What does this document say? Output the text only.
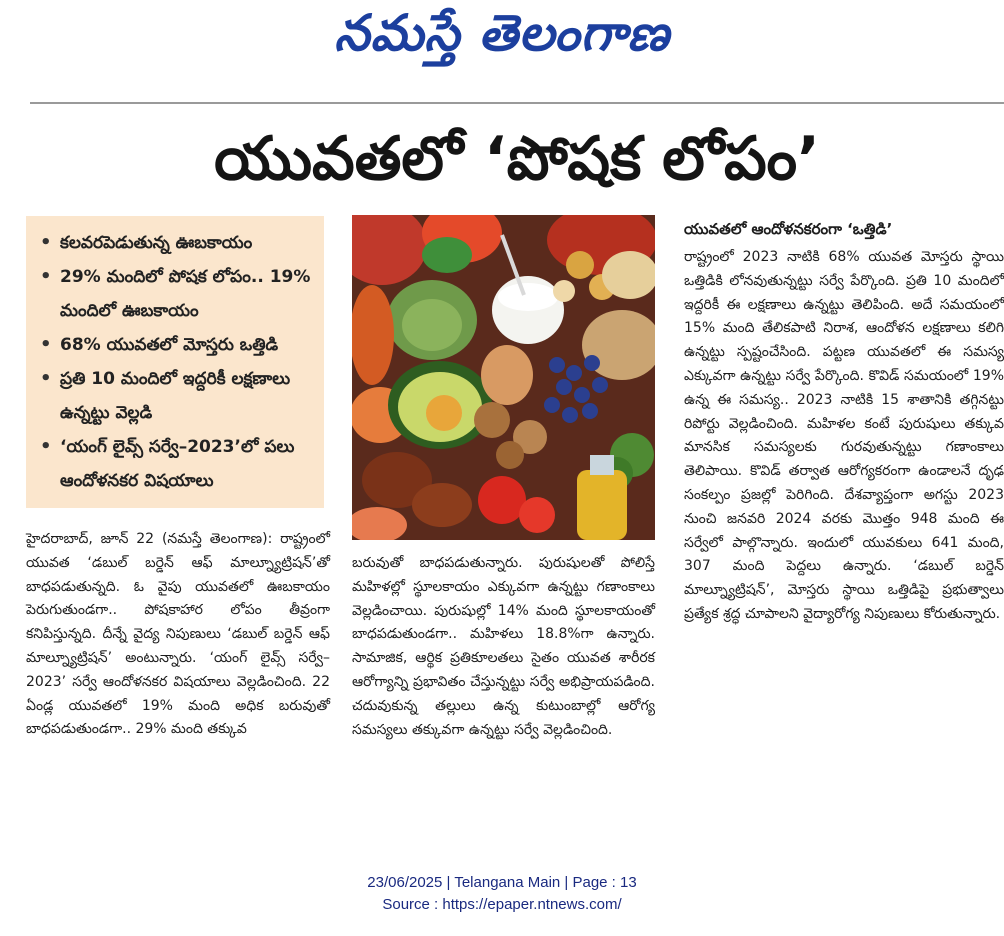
నమస్తే తెలంగాణ
యువతలో ‘పోషక లోపం’
• కలవరపెడుతున్న ఊబకాయం
• 29% మందిలో పోషక లోపం.. 19% మందిలో ఊబకాయం
• 68% యువతలో మోస్తరు ఒత్తిడి
• ప్రతి 10 మందిలో ఇద్దరికీ లక్షణాలు ఉన్నట్టు వెల్లడి
• ‘యంగ్ లైవ్స్ సర్వే–2023’లో పలు ఆందోళనకర విషయాలు

హైదరాబాద్, జూన్ 22 (నమస్తే తెలంగాణ): రాష్ట్రంలో యువత ‘డబుల్ బర్డెన్ ఆఫ్ మాల్న్యూట్రిషన్’తో బాధపడుతున్నది. ఓ వైపు యువతలో ఊబకాయం పెరుగుతుండగా.. పోషకాహార లోపం తీవ్రంగా కనిపిస్తున్నది. దీన్నే వైద్య నిపుణులు ‘డబుల్ బర్డెన్ ఆఫ్ మాల్న్యూట్రిషన్’ అంటున్నారు. ‘యంగ్ లైవ్స్ సర్వే–2023’ సర్వే ఆందోళనకర విషయాలు వెల్లడించింది. 22 ఏండ్ల యువతలో 19% మంది అధిక బరువుతో బాధపడుతుండగా.. 29% మంది తక్కువ

బరువుతో బాధపడుతున్నారు. పురుషులతో పోలిస్తే మహిళల్లో స్థూలకాయం ఎక్కువగా ఉన్నట్టు గణాంకాలు వెల్లడించాయి. పురుషుల్లో 14% మంది స్థూలకాయంతో బాధపడుతుండగా.. మహిళలు 18.8%గా ఉన్నారు. సామాజిక, ఆర్థిక ప్రతికూలతలు సైతం యువత శారీరక ఆరోగ్యాన్ని ప్రభావితం చేస్తున్నట్టు సర్వే అభిప్రాయపడింది. చదువుకున్న తల్లులు ఉన్న కుటుంబాల్లో ఆరోగ్య సమస్యలు తక్కువగా ఉన్నట్టు సర్వే వెల్లడించింది.

యువతలో ఆందోళనకరంగా ‘ఒత్తిడి’

రాష్ట్రంలో 2023 నాటికి 68% యువత మోస్తరు స్థాయి ఒత్తిడికి లోనవుతున్నట్టు సర్వే పేర్కొంది. ప్రతి 10 మందిలో ఇద్దరికీ ఈ లక్షణాలు ఉన్నట్టు తెలిపింది. అదే సమయంలో 15% మంది తేలికపాటి నిరాశ, ఆందోళన లక్షణాలు కలిగి ఉన్నట్టు స్పష్టంచేసింది. పట్టణ యువతలో ఈ సమస్య ఎక్కువగా ఉన్నట్టు సర్వే పేర్కొంది. కొవిడ్ సమయంలో 19% ఉన్న ఈ సమస్య.. 2023 నాటికి 15 శాతానికి తగ్గినట్టు రిపోర్టు వెల్లడించింది. మహిళల కంటే పురుషులు తక్కువ మానసిక సమస్యలకు గురవుతున్నట్టు గణాంకాలు తెలిపాయి. కొవిడ్ తర్వాత ఆరోగ్యకరంగా ఉండాలనే దృఢ సంకల్పం ప్రజల్లో పెరిగింది. దేశవ్యాప్తంగా అగస్టు 2023 నుంచి జనవరి 2024 వరకు మొత్తం 948 మంది ఈ సర్వేలో పాల్గొన్నారు. ఇందులో యువకులు 641 మంది, 307 మంది పెద్దలు ఉన్నారు. ‘డబుల్ బర్డెన్ మాల్న్యూట్రిషన్’, మోస్తరు స్థాయి ఒత్తిడిపై ప్రభుత్వాలు ప్రత్యేక శ్రద్ధ చూపాలని వైద్యారోగ్య నిపుణులు కోరుతున్నారు.

23/06/2025 | Telangana Main | Page : 13
Source : https://epaper.ntnews.com/
